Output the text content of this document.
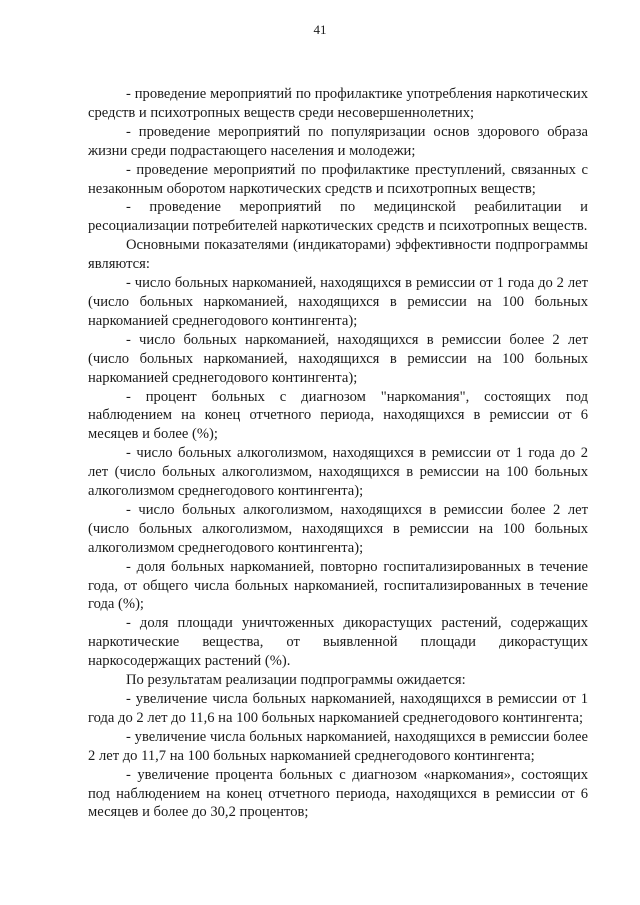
41

- проведение мероприятий по профилактике употребления наркотических средств и психотропных веществ среди несовершеннолетних;

- проведение мероприятий по популяризации основ здорового образа жизни среди подрастающего населения и молодежи;

- проведение мероприятий по профилактике преступлений, связанных с незаконным оборотом наркотических средств и психотропных веществ;

- проведение мероприятий по медицинской реабилитации и ресоциализации потребителей наркотических средств и психотропных веществ.

Основными показателями (индикаторами) эффективности подпрограммы являются:

- число больных наркоманией, находящихся в ремиссии от 1 года до 2 лет (число больных наркоманией, находящихся в ремиссии на 100 больных наркоманией среднегодового контингента);

- число больных наркоманией, находящихся в ремиссии более 2 лет (число больных наркоманией, находящихся в ремиссии на 100 больных наркоманией среднегодового контингента);

- процент больных с диагнозом "наркомания", состоящих под наблюдением на конец отчетного периода, находящихся в ремиссии от 6 месяцев и более (%);

- число больных алкоголизмом, находящихся в ремиссии от 1 года до 2 лет (число больных алкоголизмом, находящихся в ремиссии на 100 больных алкоголизмом среднегодового контингента);

- число больных алкоголизмом, находящихся в ремиссии более 2 лет (число больных алкоголизмом, находящихся в ремиссии на 100 больных алкоголизмом среднегодового контингента);

- доля больных наркоманией, повторно госпитализированных в течение года, от общего числа больных наркоманией, госпитализированных в течение года (%);

- доля площади уничтоженных дикорастущих растений, содержащих наркотические вещества, от выявленной площади дикорастущих наркосодержащих растений (%).

По результатам реализации подпрограммы ожидается:

- увеличение числа больных наркоманией, находящихся в ремиссии от 1 года до 2 лет до 11,6 на 100 больных наркоманией среднегодового контингента;

- увеличение числа больных наркоманией, находящихся в ремиссии более 2 лет до 11,7 на 100 больных наркоманией среднегодового контингента;

- увеличение процента больных с диагнозом «наркомания», состоящих под наблюдением на конец отчетного периода, находящихся в ремиссии от 6 месяцев и более до 30,2 процентов;
